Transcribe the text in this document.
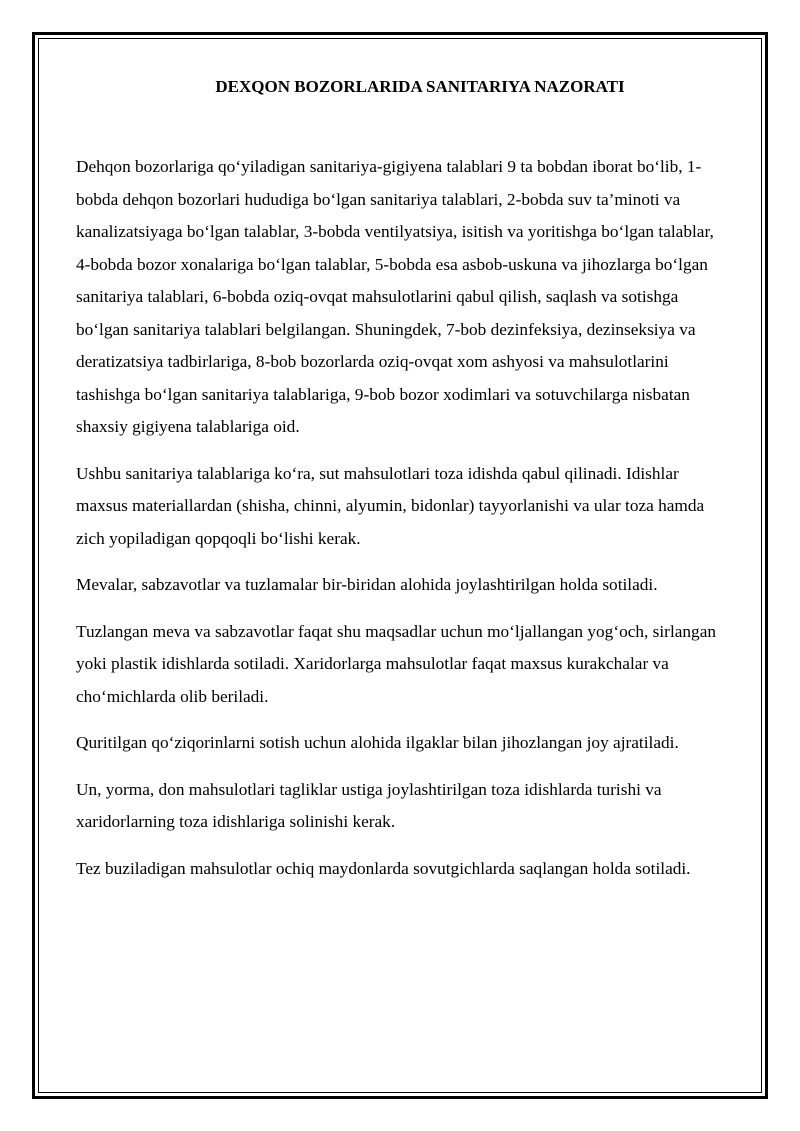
DEXQON BOZORLARIDA SANITARIYA NAZORATI

Dehqon bozorlariga qo‘yiladigan sanitariya-gigiyena talablari 9 ta bobdan iborat bo‘lib, 1-bobda dehqon bozorlari hududiga bo‘lgan sanitariya talablari, 2-bobda suv ta’minoti va kanalizatsiyaga bo‘lgan talablar, 3-bobda ventilyatsiya, isitish va yoritishga bo‘lgan talablar, 4-bobda bozor xonalariga bo‘lgan talablar, 5-bobda esa asbob-uskuna va jihozlarga bo‘lgan sanitariya talablari, 6-bobda oziq-ovqat mahsulotlarini qabul qilish, saqlash va sotishga bo‘lgan sanitariya talablari belgilangan. Shuningdek, 7-bob dezinfeksiya, dezinseksiya va deratizatsiya tadbirlariga, 8-bob bozorlarda oziq-ovqat xom ashyosi va mahsulotlarini tashishga bo‘lgan sanitariya talablariga, 9-bob bozor xodimlari va sotuvchilarga nisbatan shaxsiy gigiyena talablariga oid.

Ushbu sanitariya talablariga ko‘ra, sut mahsulotlari toza idishda qabul qilinadi. Idishlar maxsus materiallardan (shisha, chinni, alyumin, bidonlar) tayyorlanishi va ular toza hamda zich yopiladigan qopqoqli bo‘lishi kerak.

Mevalar, sabzavotlar va tuzlamalar bir-biridan alohida joylashtirilgan holda sotiladi.

Tuzlangan meva va sabzavotlar faqat shu maqsadlar uchun mo‘ljallangan yog‘och, sirlangan yoki plastik idishlarda sotiladi. Xaridorlarga mahsulotlar faqat maxsus kurakchalar va cho‘michlarda olib beriladi.

Quritilgan qo‘ziqorinlarni sotish uchun alohida ilgaklar bilan jihozlangan joy ajratiladi.

Un, yorma, don mahsulotlari tagliklar ustiga joylashtirilgan toza idishlarda turishi va xaridorlarning toza idishlariga solinishi kerak.

Tez buziladigan mahsulotlar ochiq maydonlarda sovutgichlarda saqlangan holda sotiladi.
